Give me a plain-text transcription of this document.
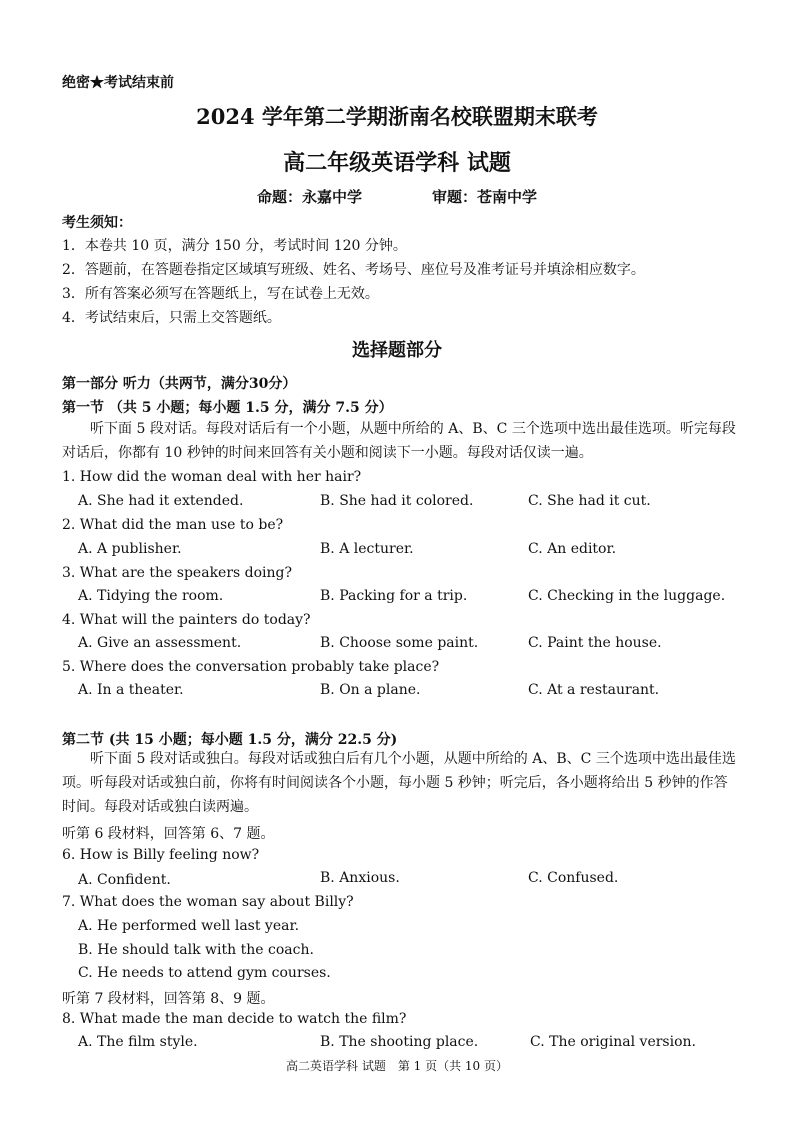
绝密★考试结束前
2024 学年第二学期浙南名校联盟期末联考
高二年级英语学科 试题
命题：永嘉中学	审题：苍南中学
考生须知：
1．本卷共 10 页，满分 150 分，考试时间 120 分钟。
2．答题前，在答题卷指定区域填写班级、姓名、考场号、座位号及准考证号并填涂相应数字。
3．所有答案必须写在答题纸上，写在试卷上无效。
4．考试结束后，只需上交答题纸。
选择题部分
第一部分 听力（共两节，满分30分）
第一节 （共 5 小题；每小题 1.5 分，满分 7.5 分）
听下面 5 段对话。每段对话后有一个小题，从题中所给的 A、B、C 三个选项中选出最佳选项。听完每段对话后，你都有 10 秒钟的时间来回答有关小题和阅读下一小题。每段对话仅读一遍。
1. How did the woman deal with her hair?
A. She had it extended.	B. She had it colored.	C. She had it cut.
2. What did the man use to be?
A. A publisher.	B. A lecturer.	C. An editor.
3. What are the speakers doing?
A. Tidying the room.	B. Packing for a trip.	C. Checking in the luggage.
4. What will the painters do today?
A. Give an assessment.	B. Choose some paint.	C. Paint the house.
5. Where does the conversation probably take place?
A. In a theater.	B. On a plane.	C. At a restaurant.
第二节 (共 15 小题；每小题 1.5 分，满分 22.5 分)
听下面 5 段对话或独白。每段对话或独白后有几个小题，从题中所给的 A、B、C 三个选项中选出最佳选项。听每段对话或独白前，你将有时间阅读各个小题，每小题 5 秒钟；听完后，各小题将给出 5 秒钟的作答时间。每段对话或独白读两遍。
听第 6 段材料，回答第 6、7 题。
6. How is Billy feeling now?
A. Confident.	B. Anxious.	C. Confused.
7. What does the woman say about Billy?
A. He performed well last year.
B. He should talk with the coach.
C. He needs to attend gym courses.
听第 7 段材料，回答第 8、9 题。
8. What made the man decide to watch the film?
A. The film style.	B. The shooting place.	C. The original version.
高二英语学科 试题　第 1 页（共 10 页）
